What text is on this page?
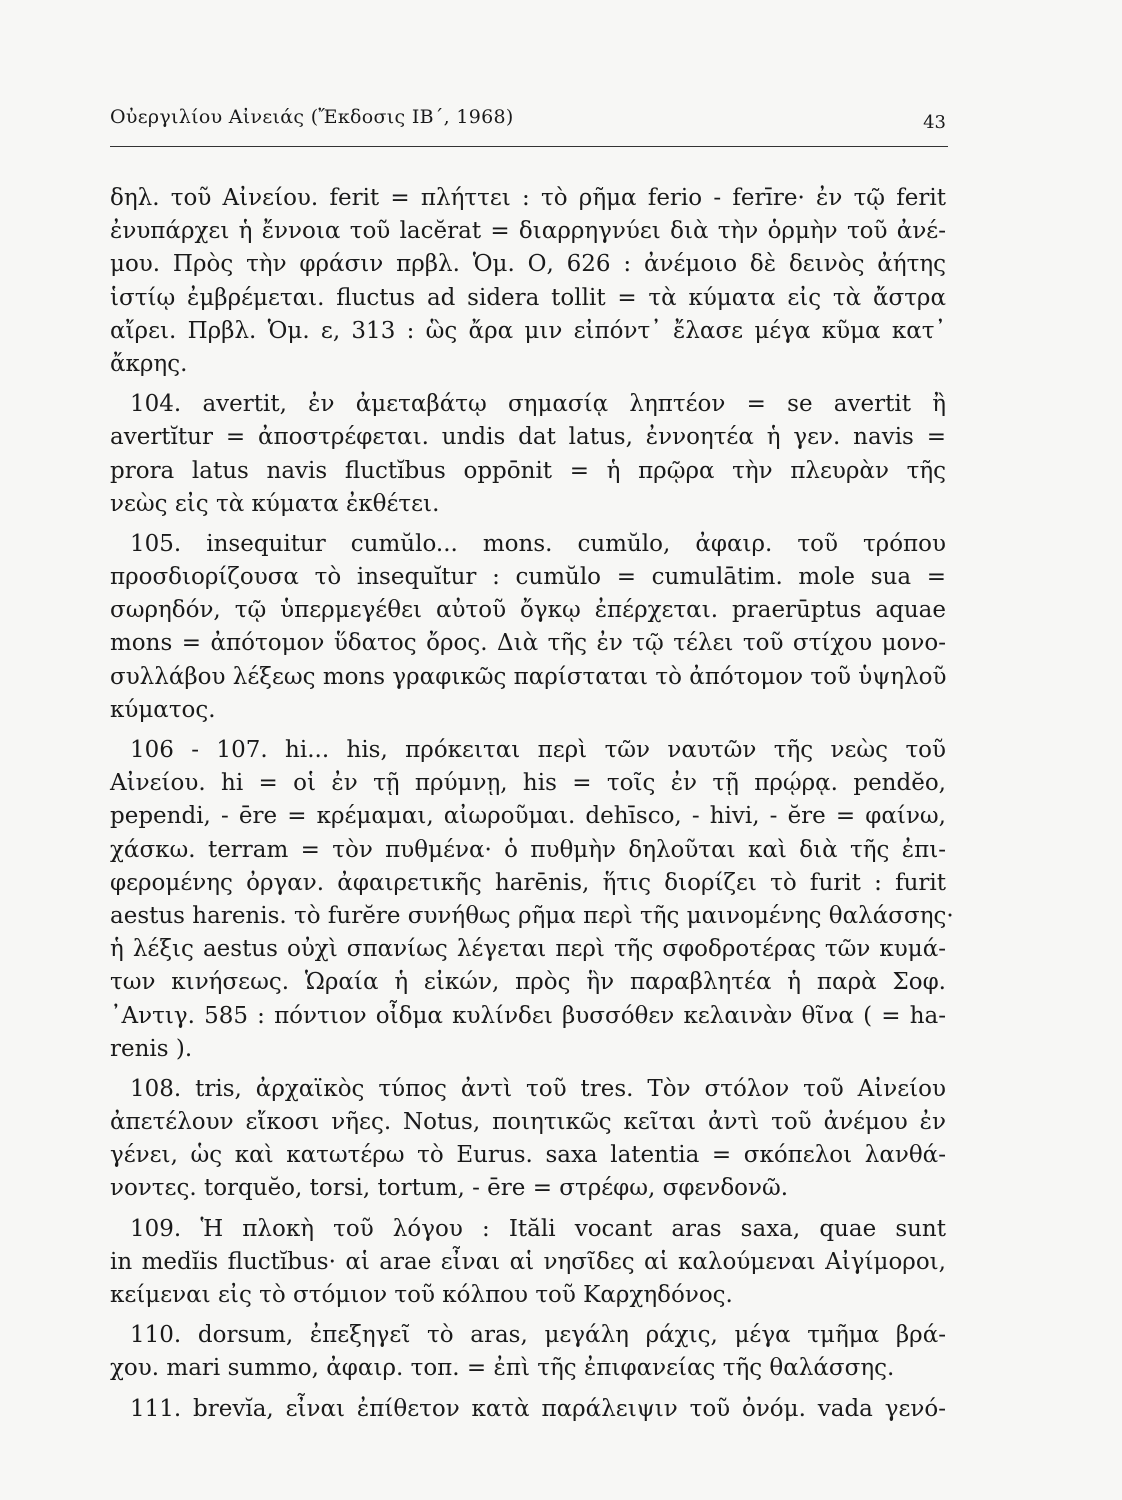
Οὐεργιλίου Αἰνειάς (Ἔκδοσις ΙΒ΄, 1968)	43
δηλ. τοῦ Αἰνείου. ferit = πλήττει : τὸ ρῆμα ferio - ferīre· ἐν τῷ ferit
ἐνυπάρχει ἡ ἔννοια τοῦ lacĕrat = διαρρηγνύει διὰ τὴν ὁρμὴν τοῦ ἀνέ-
μου. Πρὸς τὴν φράσιν πρβλ. Ὁμ. Ο, 626 : ἀνέμοιο δὲ δεινὸς ἀήτης
ἱστίῳ ἐμβρέμεται. fluctus ad sidera tollit = τὰ κύματα εἰς τὰ ἄστρα
αἴρει. Πρβλ. Ὁμ. ε, 313 : ὣς ἄρα μιν εἰπόντ᾽ ἔλασε μέγα κῦμα κατ᾽
ἄκρης.
104. avertit, ἐν ἀμεταβάτῳ σημασίᾳ ληπτέον = se avertit ἢ
avertĭtur = ἀποστρέφεται. undis dat latus, ἐννοητέα ἡ γεν. navis =
prora latus navis fluctĭbus oppōnit = ἡ πρῷρα τὴν πλευρὰν τῆς
νεὼς εἰς τὰ κύματα ἐκθέτει.
105. insequitur cumŭlo... mons. cumŭlo, ἀφαιρ. τοῦ τρόπου
προσδιορίζουσα τὸ insequĭtur : cumŭlo = cumulātim. mole sua =
σωρηδόν, τῷ ὑπερμεγέθει αὐτοῦ ὄγκῳ ἐπέρχεται. praerūptus aquae
mons = ἀπότομον ὕδατος ὄρος. Διὰ τῆς ἐν τῷ τέλει τοῦ στίχου μονο-
συλλάβου λέξεως mons γραφικῶς παρίσταται τὸ ἀπότομον τοῦ ὑψηλοῦ
κύματος.
106 - 107. hi... his, πρόκειται περὶ τῶν ναυτῶν τῆς νεὼς τοῦ
Αἰνείου. hi = οἱ ἐν τῇ πρύμνῃ, his = τοῖς ἐν τῇ πρῴρᾳ. pendĕo,
pependi, - ēre = κρέμαμαι, αἰωροῦμαι. dehīsco, - hivi, - ĕre = φαίνω,
χάσκω. terram = τὸν πυθμένα· ὁ πυθμὴν δηλοῦται καὶ διὰ τῆς ἐπι-
φερομένης ὀργαν. ἀφαιρετικῆς harēnis, ἥτις διορίζει τὸ furit : furit
aestus harenis. τὸ furĕre συνήθως ρῆμα περὶ τῆς μαινομένης θαλάσσης·
ἡ λέξις aestus οὐχὶ σπανίως λέγεται περὶ τῆς σφοδροτέρας τῶν κυμά-
των κινήσεως. Ὡραία ἡ εἰκών, πρὸς ἣν παραβλητέα ἡ παρὰ Σοφ.
᾽Αντιγ. 585 : πόντιον οἶδμα κυλίνδει βυσσόθεν κελαινὰν θῖνα ( = ha-
renis ).
108. tris, ἀρχαϊκὸς τύπος ἀντὶ τοῦ tres. Τὸν στόλον τοῦ Αἰνείου
ἀπετέλουν εἴκοσι νῆες. Notus, ποιητικῶς κεῖται ἀντὶ τοῦ ἀνέμου ἐν
γένει, ὡς καὶ κατωτέρω τὸ Eurus. saxa latentia = σκόπελοι λανθά-
νοντες. torquĕo, torsi, tortum, - ēre = στρέφω, σφενδονῶ.
109. Ἡ πλοκὴ τοῦ λόγου : Ităli vocant aras saxa, quae sunt
in medĭis fluctĭbus· αἱ arae εἶναι αἱ νησῖδες αἱ καλούμεναι Αἰγίμοροι,
κείμεναι εἰς τὸ στόμιον τοῦ κόλπου τοῦ Καρχηδόνος.
110. dorsum, ἐπεξηγεῖ τὸ aras, μεγάλη ράχις, μέγα τμῆμα βρά-
χου. mari summo, ἀφαιρ. τοπ. = ἐπὶ τῆς ἐπιφανείας τῆς θαλάσσης.
111. brevĭa, εἶναι ἐπίθετον κατὰ παράλειψιν τοῦ ὀνόμ. vada γενό-
